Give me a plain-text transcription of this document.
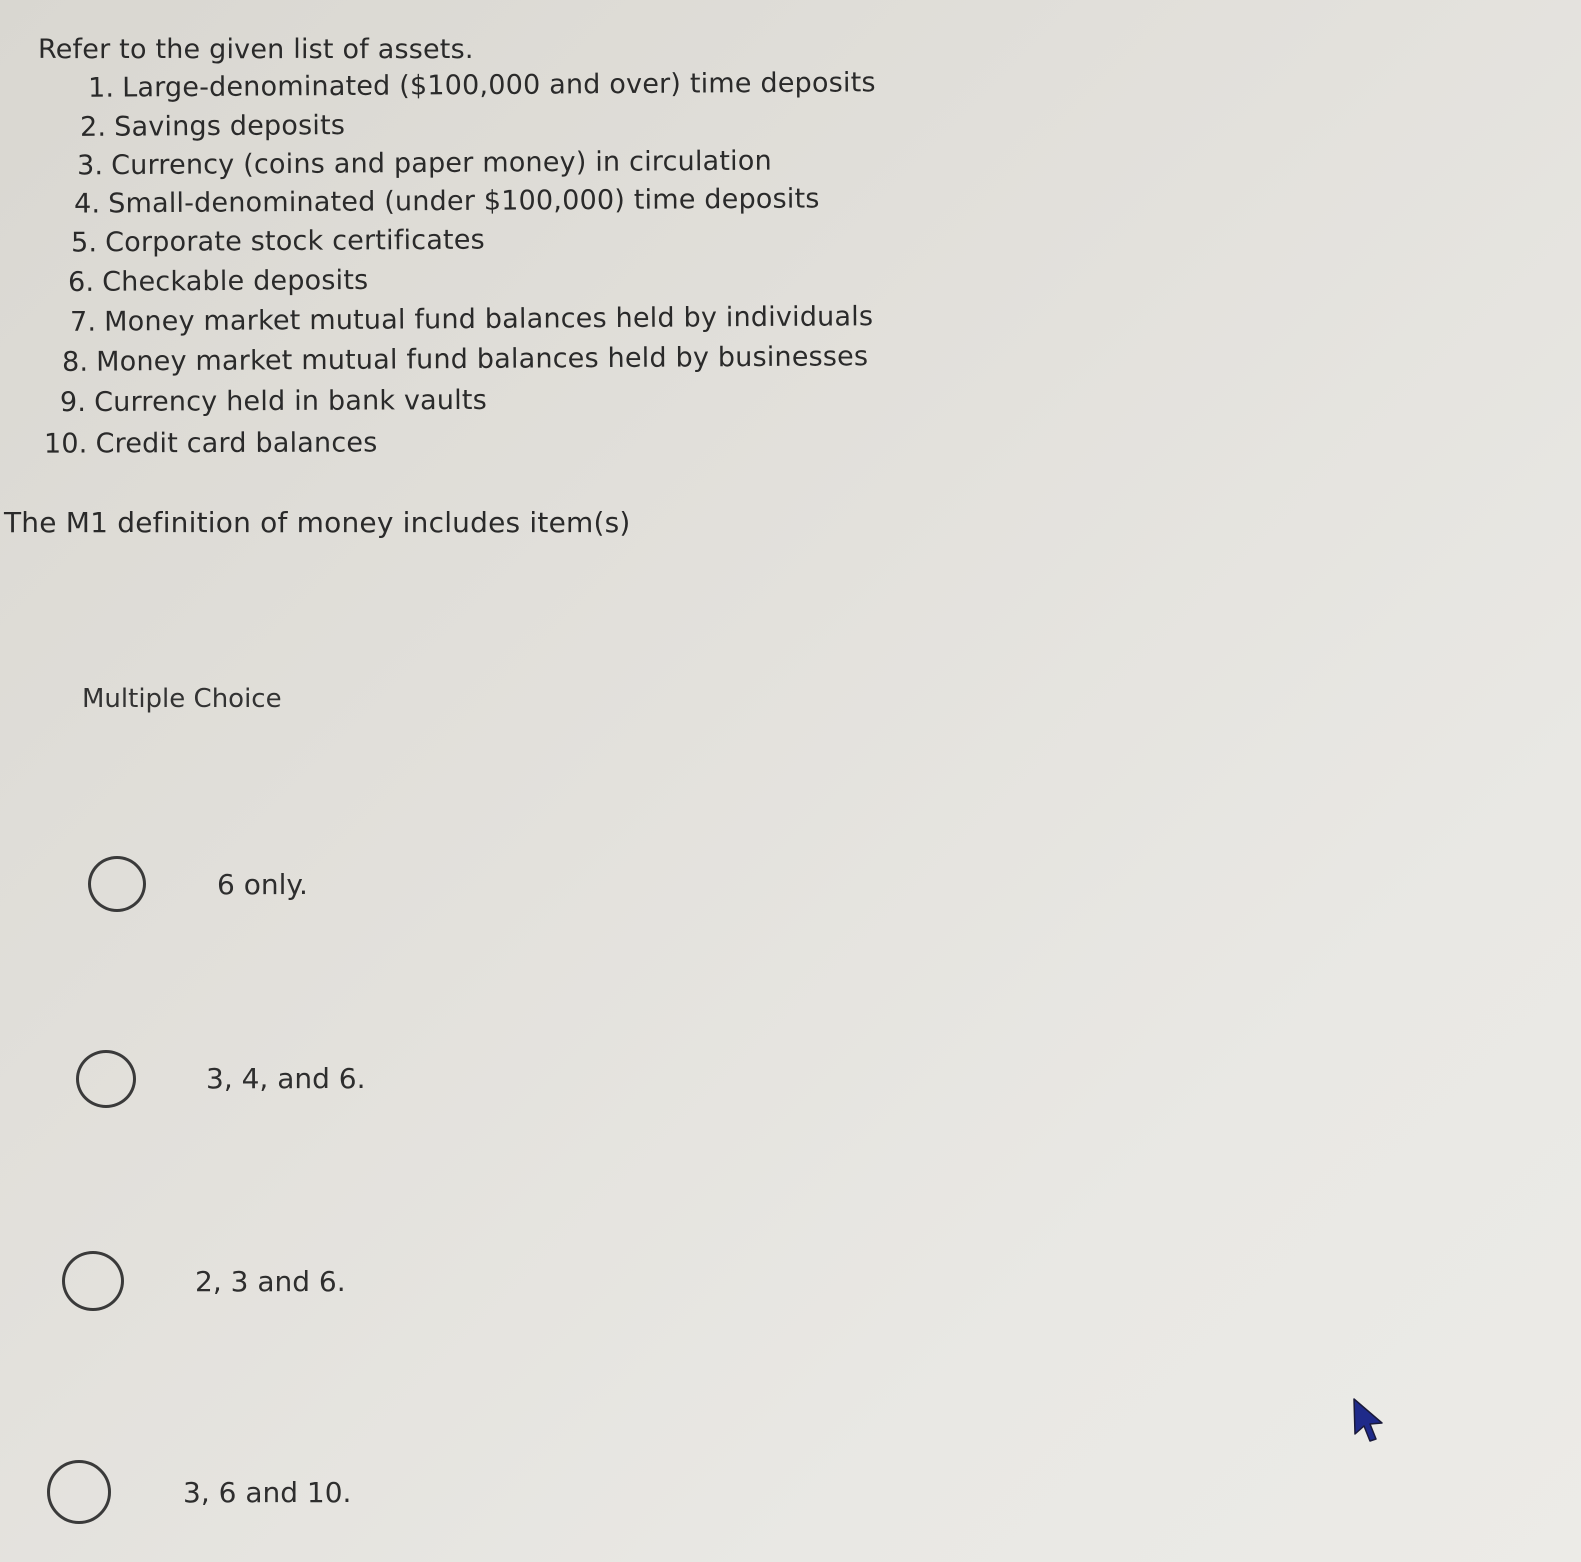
Refer to the given list of assets.
1. Large-denominated ($100,000 and over) time deposits
2. Savings deposits
3. Currency (coins and paper money) in circulation
4. Small-denominated (under $100,000) time deposits
5. Corporate stock certificates
6. Checkable deposits
7. Money market mutual fund balances held by individuals
8. Money market mutual fund balances held by businesses
9. Currency held in bank vaults
10. Credit card balances
The M1 definition of money includes item(s)
Multiple Choice
6 only.
3, 4, and 6.
2, 3 and 6.
3, 6 and 10.
